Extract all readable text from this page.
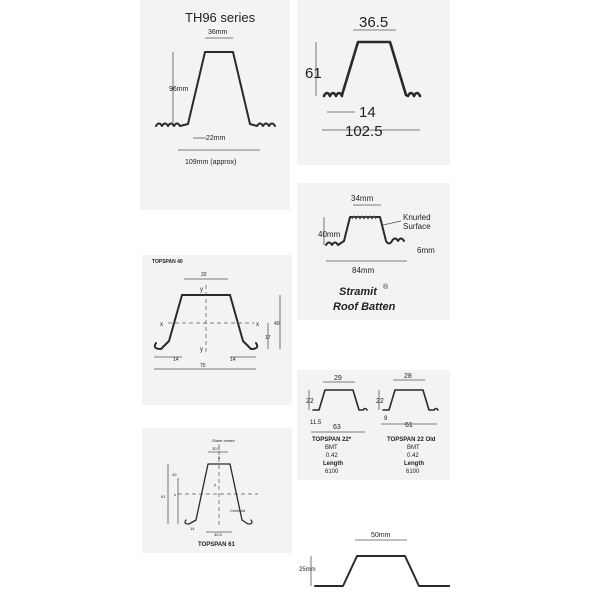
TH96 series
36mm
96mm
22mm
109mm (approx)
36.5
61
14
102.5
34mm
40mm
Knurled
Surface
6mm
84mm
Stramit ®
Roof Batten
TOPSPAN 40
32
x	x
y
y
40
17
14	14
75
29
22
11.5
63
TOPSPAN 22*
BMT
0.42
Length
6100
28
22
9
61
TOPSPAN 22 Old
BMT
0.42
Length
6100
Sheet centre
30.5
8
x
y
61
40
Centroid
14
30.5
TOPSPAN 61
50mm
25mm
